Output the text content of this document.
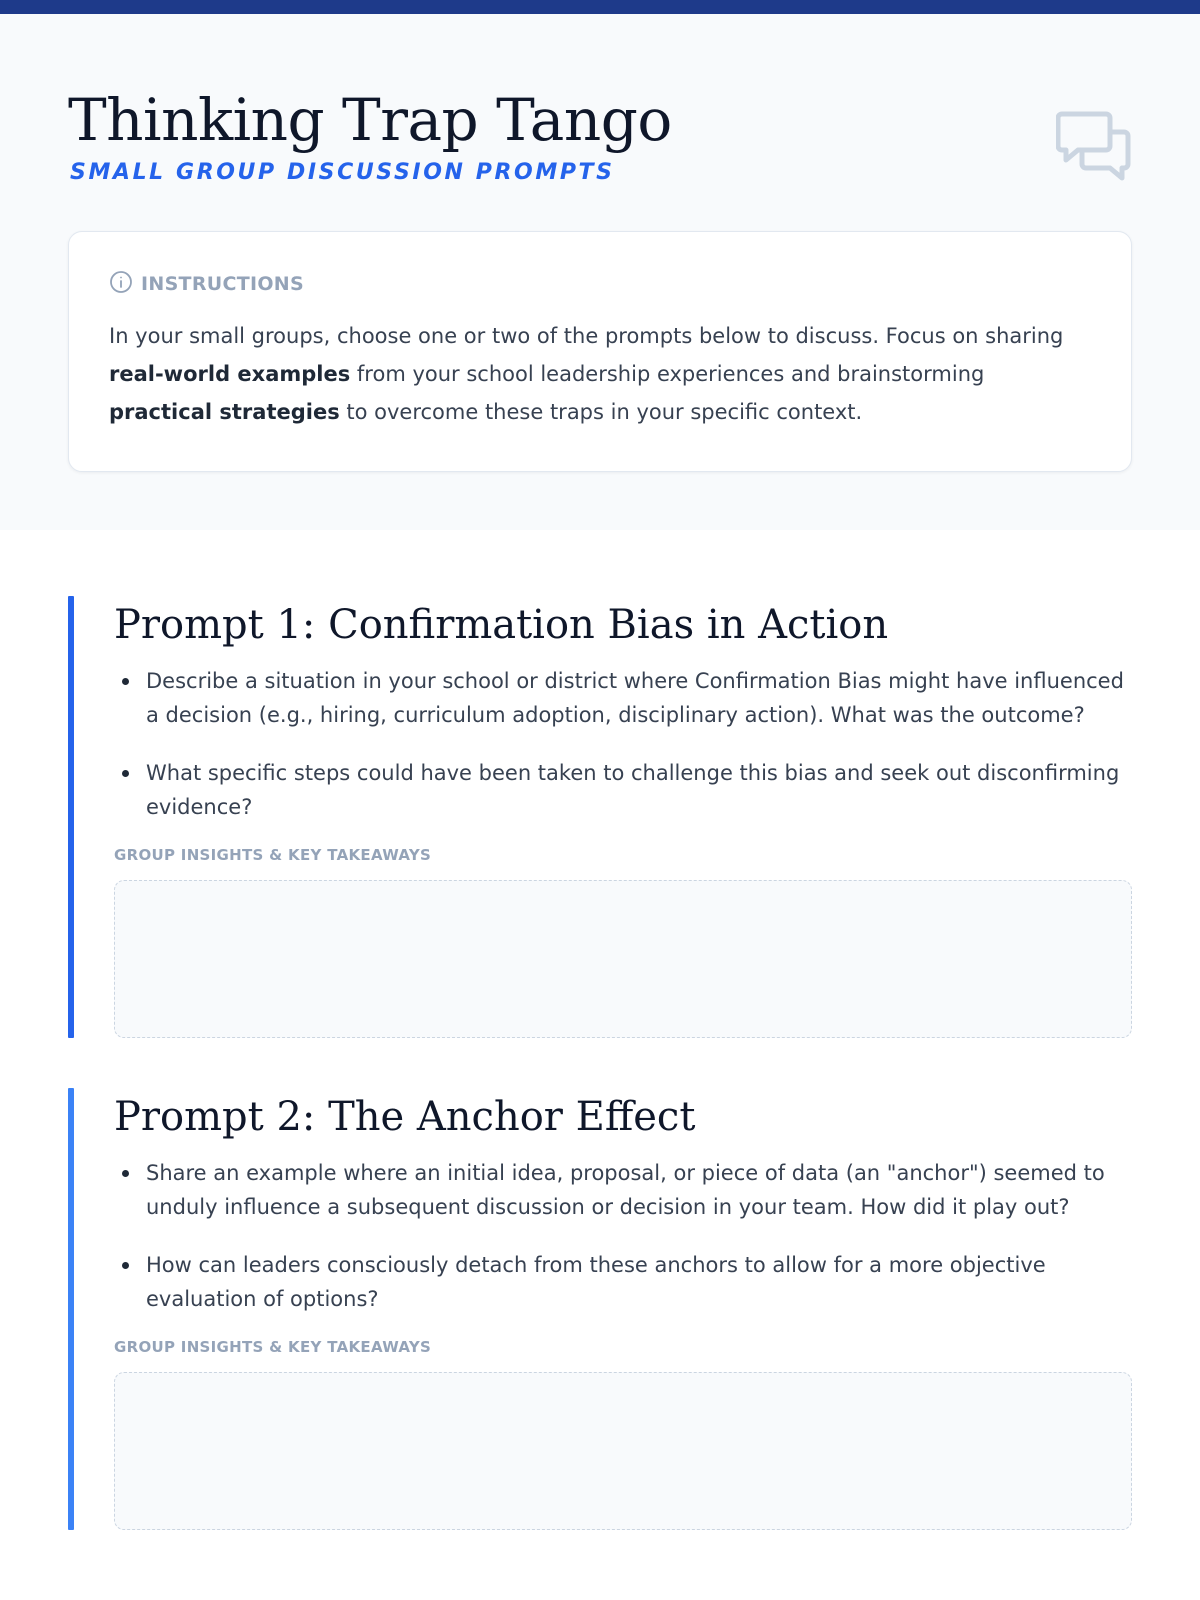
Thinking Trap Tango
SMALL GROUP DISCUSSION PROMPTS
INSTRUCTIONS

In your small groups, choose one or two of the prompts below to discuss. Focus on sharing real-world examples from your school leadership experiences and brainstorming practical strategies to overcome these traps in your specific context.

Prompt 1: Confirmation Bias in Action
Describe a situation in your school or district where Confirmation Bias might have influenced a decision (e.g., hiring, curriculum adoption, disciplinary action). What was the outcome?
What specific steps could have been taken to challenge this bias and seek out disconfirming evidence?
GROUP INSIGHTS & KEY TAKEAWAYS
Prompt 2: The Anchor Effect
Share an example where an initial idea, proposal, or piece of data (an "anchor") seemed to unduly influence a subsequent discussion or decision in your team. How did it play out?
How can leaders consciously detach from these anchors to allow for a more objective evaluation of options?
GROUP INSIGHTS & KEY TAKEAWAYS
